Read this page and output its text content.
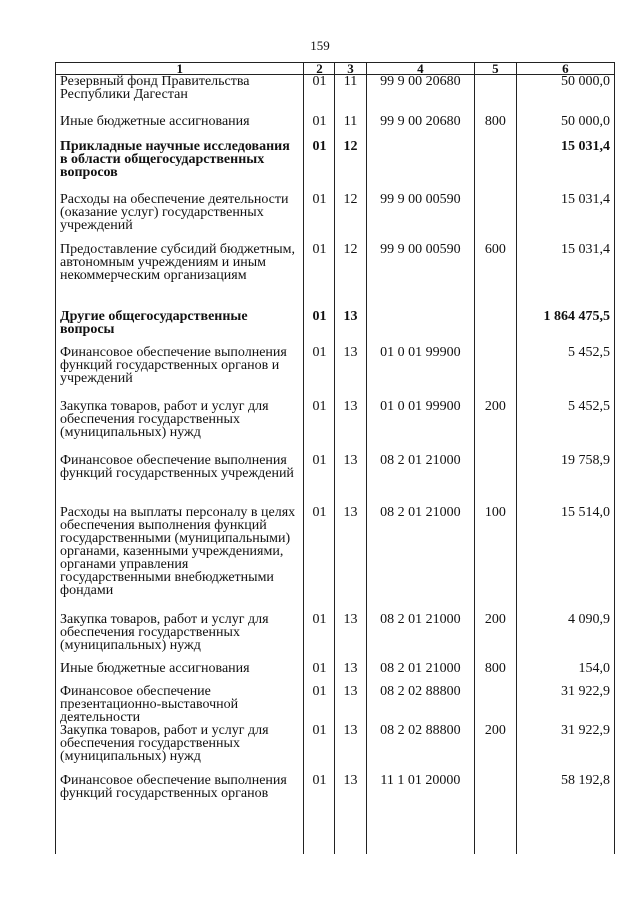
159
1	2	3	4	5	6
Резервный фонд Правительства Республики Дагестан	01	11	99 9 00 20680		50 000,0
Иные бюджетные ассигнования	01	11	99 9 00 20680	800	50 000,0
Прикладные научные исследования в области общегосударственных вопросов	01	12			15 031,4
Расходы на обеспечение деятельности (оказание услуг) государственных учреждений	01	12	99 9 00 00590		15 031,4
Предоставление субсидий бюджетным, автономным учреждениям и иным некоммерческим организациям	01	12	99 9 00 00590	600	15 031,4
Другие общегосударственные вопросы	01	13			1 864 475,5
Финансовое обеспечение выполнения функций государственных органов и учреждений	01	13	01 0 01 99900		5 452,5
Закупка товаров, работ и услуг для обеспечения государственных (муниципальных) нужд	01	13	01 0 01 99900	200	5 452,5
Финансовое обеспечение выполнения функций государственных учреждений	01	13	08 2 01 21000		19 758,9
Расходы на выплаты персоналу в целях обеспечения выполнения функций государственными (муниципальными) органами, казенными учреждениями, органами управления государственными внебюджетными фондами	01	13	08 2 01 21000	100	15 514,0
Закупка товаров, работ и услуг для обеспечения государственных (муниципальных) нужд	01	13	08 2 01 21000	200	4 090,9
Иные бюджетные ассигнования	01	13	08 2 01 21000	800	154,0
Финансовое обеспечение презентационно-выставочной деятельности	01	13	08 2 02 88800		31 922,9
Закупка товаров, работ и услуг для обеспечения государственных (муниципальных) нужд	01	13	08 2 02 88800	200	31 922,9
Финансовое обеспечение выполнения функций государственных органов	01	13	11 1 01 20000		58 192,8
